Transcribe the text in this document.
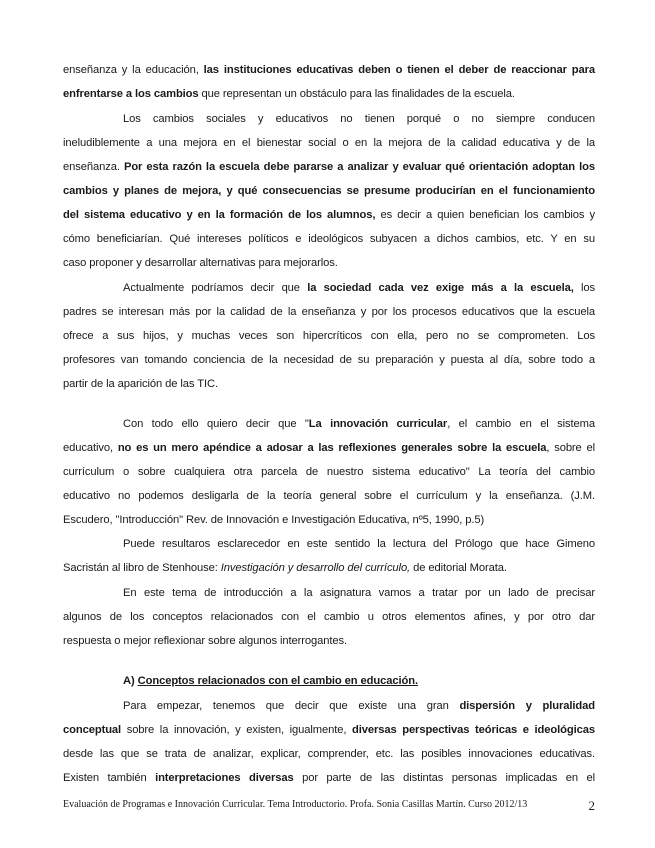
enseñanza y la educación, las instituciones educativas deben o tienen el deber de reaccionar para
enfrentarse a los cambios que representan un obstáculo para las finalidades de la escuela.
Los cambios sociales y educativos no tienen porqué o no siempre conducen
ineludiblemente a una mejora en el bienestar social o en la mejora de la calidad educativa y de la
enseñanza. Por esta razón la escuela debe pararse a analizar y evaluar qué orientación adoptan los
cambios y planes de mejora, y qué consecuencias se presume producirían en el funcionamiento
del sistema educativo y en la formación de los alumnos, es decir a quien benefician los cambios y
cómo beneficiarían. Qué intereses políticos e ideológicos subyacen a dichos cambios, etc. Y en su
caso proponer y desarrollar alternativas para mejorarlos.
Actualmente podríamos decir que la sociedad cada vez exige más a la escuela, los
padres se interesan más por la calidad de la enseñanza y por los procesos educativos que la escuela
ofrece a sus hijos, y muchas veces son hipercríticos con ella, pero no se comprometen. Los
profesores van tomando conciencia de la necesidad de su preparación y puesta al día, sobre todo a
partir de la aparición de las TIC.
Con todo ello quiero decir que "La innovación curricular, el cambio en el sistema
educativo, no es un mero apéndice a adosar a las reflexiones generales sobre la escuela, sobre el
currículum o sobre cualquiera otra parcela de nuestro sistema educativo" La teoría del cambio
educativo no podemos desligarla de la teoría general sobre el currículum y la enseñanza. (J.M.
Escudero, "Introducción" Rev. de Innovación e Investigación Educativa, nº5, 1990, p.5)
Puede resultaros esclarecedor en este sentido la lectura del Prólogo que hace Gimeno
Sacristán al libro de Stenhouse: Investigación y desarrollo del currículo, de editorial Morata.
En este tema de introducción a la asignatura vamos a tratar por un lado de precisar
algunos de los conceptos relacionados con el cambio u otros elementos afines, y por otro dar
respuesta o mejor reflexionar sobre algunos interrogantes.
A) Conceptos relacionados con el cambio en educación.
Para empezar, tenemos que decir que existe una gran dispersión y pluralidad
conceptual sobre la innovación, y existen, igualmente, diversas perspectivas teóricas e ideológicas
desde las que se trata de analizar, explicar, comprender, etc. las posibles innovaciones educativas.
Existen también interpretaciones diversas por parte de las distintas personas implicadas en el
Evaluación de Programas e Innovación Curricular. Tema Introductorio. Profa. Sonia Casillas Martín. Curso 2012/13	2
